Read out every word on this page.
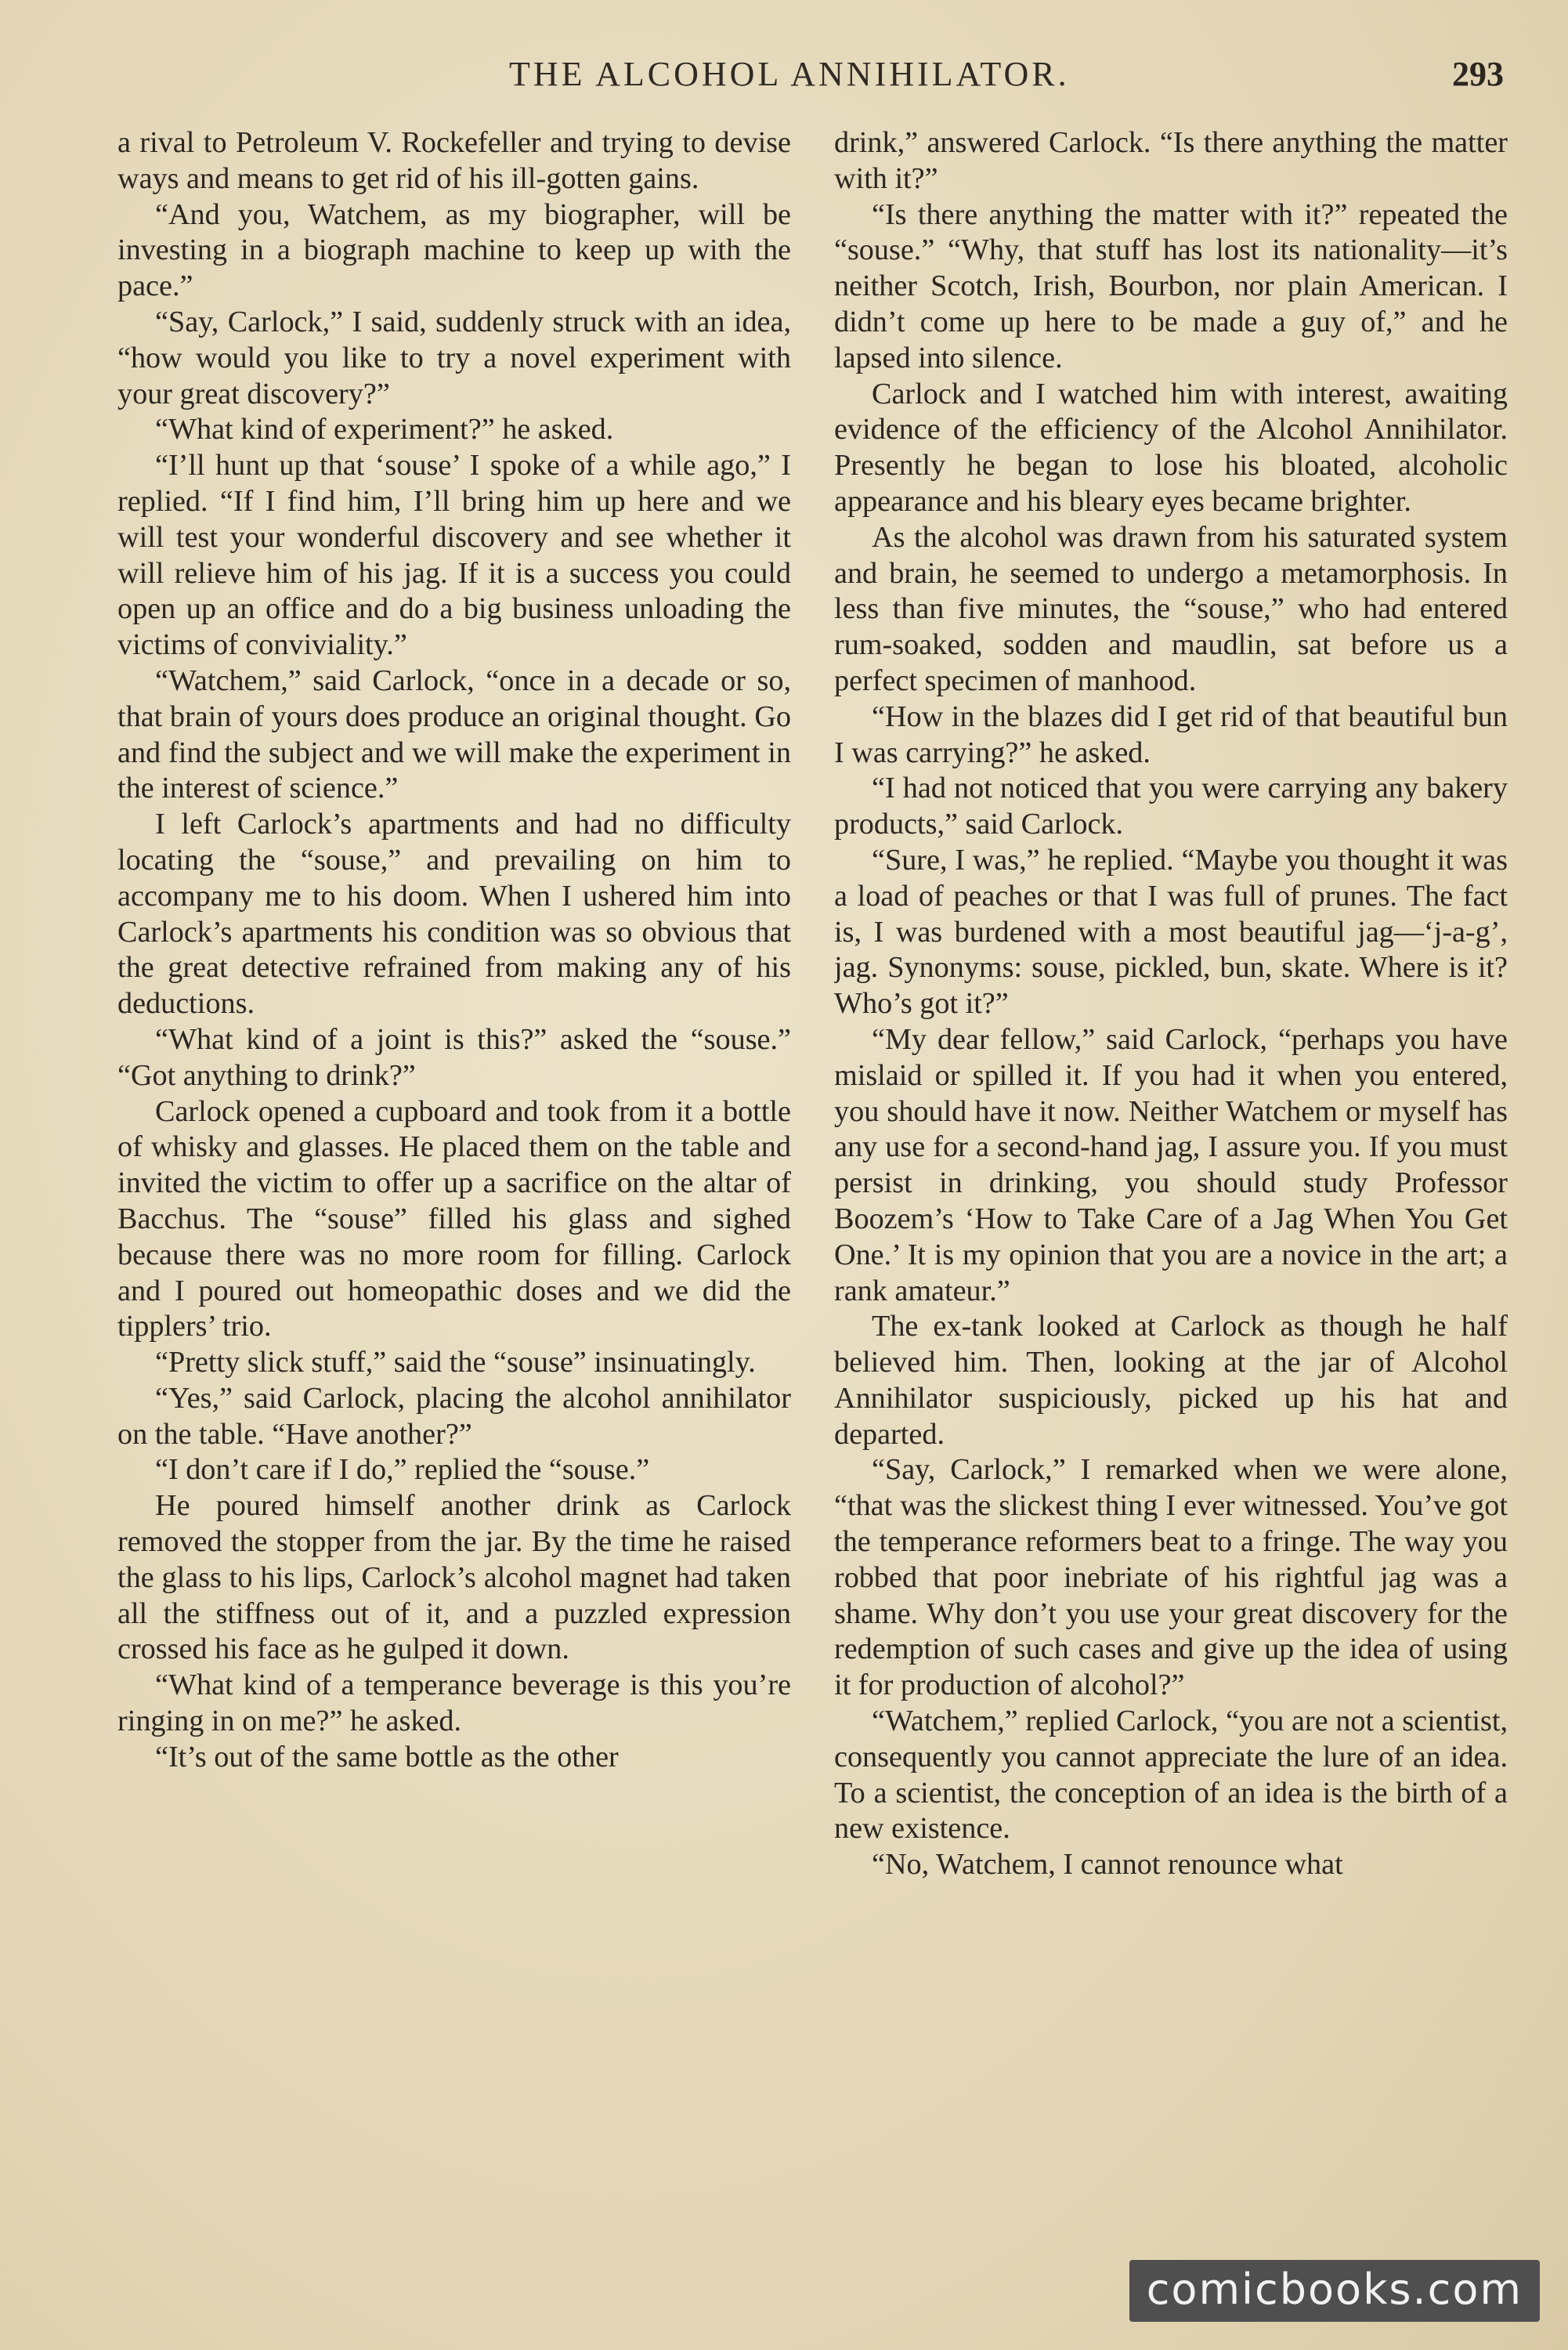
THE ALCOHOL ANNIHILATOR.	293

a rival to Petroleum V. Rockefeller and trying to devise ways and means to get rid of his ill-gotten gains.

“And you, Watchem, as my biographer, will be investing in a biograph machine to keep up with the pace.”

“Say, Carlock,” I said, suddenly struck with an idea, “how would you like to try a novel experiment with your great discovery?”

“What kind of experiment?” he asked.

“I’ll hunt up that ‘souse’ I spoke of a while ago,” I replied. “If I find him, I’ll bring him up here and we will test your wonderful discovery and see whether it will relieve him of his jag. If it is a success you could open up an office and do a big business unloading the victims of conviviality.”

“Watchem,” said Carlock, “once in a decade or so, that brain of yours does produce an original thought. Go and find the subject and we will make the experiment in the interest of science.”

I left Carlock’s apartments and had no difficulty locating the “souse,” and prevailing on him to accompany me to his doom. When I ushered him into Carlock’s apartments his condition was so obvious that the great detective refrained from making any of his deductions.

“What kind of a joint is this?” asked the “souse.” “Got anything to drink?”

Carlock opened a cupboard and took from it a bottle of whisky and glasses. He placed them on the table and invited the victim to offer up a sacrifice on the altar of Bacchus. The “souse” filled his glass and sighed because there was no more room for filling. Carlock and I poured out homeopathic doses and we did the tipplers’ trio.

“Pretty slick stuff,” said the “souse” insinuatingly.

“Yes,” said Carlock, placing the alcohol annihilator on the table. “Have another?”

“I don’t care if I do,” replied the “souse.”

He poured himself another drink as Carlock removed the stopper from the jar. By the time he raised the glass to his lips, Carlock’s alcohol magnet had taken all the stiffness out of it, and a puzzled expression crossed his face as he gulped it down.

“What kind of a temperance beverage is this you’re ringing in on me?” he asked.

“It’s out of the same bottle as the other

drink,” answered Carlock. “Is there anything the matter with it?”

“Is there anything the matter with it?” repeated the “souse.” “Why, that stuff has lost its nationality—it’s neither Scotch, Irish, Bourbon, nor plain American. I didn’t come up here to be made a guy of,” and he lapsed into silence.

Carlock and I watched him with interest, awaiting evidence of the efficiency of the Alcohol Annihilator. Presently he began to lose his bloated, alcoholic appearance and his bleary eyes became brighter.

As the alcohol was drawn from his saturated system and brain, he seemed to undergo a metamorphosis. In less than five minutes, the “souse,” who had entered rum-soaked, sodden and maudlin, sat before us a perfect specimen of manhood.

“How in the blazes did I get rid of that beautiful bun I was carrying?” he asked.

“I had not noticed that you were carrying any bakery products,” said Carlock.

“Sure, I was,” he replied. “Maybe you thought it was a load of peaches or that I was full of prunes. The fact is, I was burdened with a most beautiful jag—‘j-a-g’, jag. Synonyms: souse, pickled, bun, skate. Where is it? Who’s got it?”

“My dear fellow,” said Carlock, “perhaps you have mislaid or spilled it. If you had it when you entered, you should have it now. Neither Watchem or myself has any use for a second-hand jag, I assure you. If you must persist in drinking, you should study Professor Boozem’s ‘How to Take Care of a Jag When You Get One.’ It is my opinion that you are a novice in the art; a rank amateur.”

The ex-tank looked at Carlock as though he half believed him. Then, looking at the jar of Alcohol Annihilator suspiciously, picked up his hat and departed.

“Say, Carlock,” I remarked when we were alone, “that was the slickest thing I ever witnessed. You’ve got the temperance reformers beat to a fringe. The way you robbed that poor inebriate of his rightful jag was a shame. Why don’t you use your great discovery for the redemption of such cases and give up the idea of using it for production of alcohol?”

“Watchem,” replied Carlock, “you are not a scientist, consequently you cannot appreciate the lure of an idea. To a scientist, the conception of an idea is the birth of a new existence.

“No, Watchem, I cannot renounce what

comicbooks.com
